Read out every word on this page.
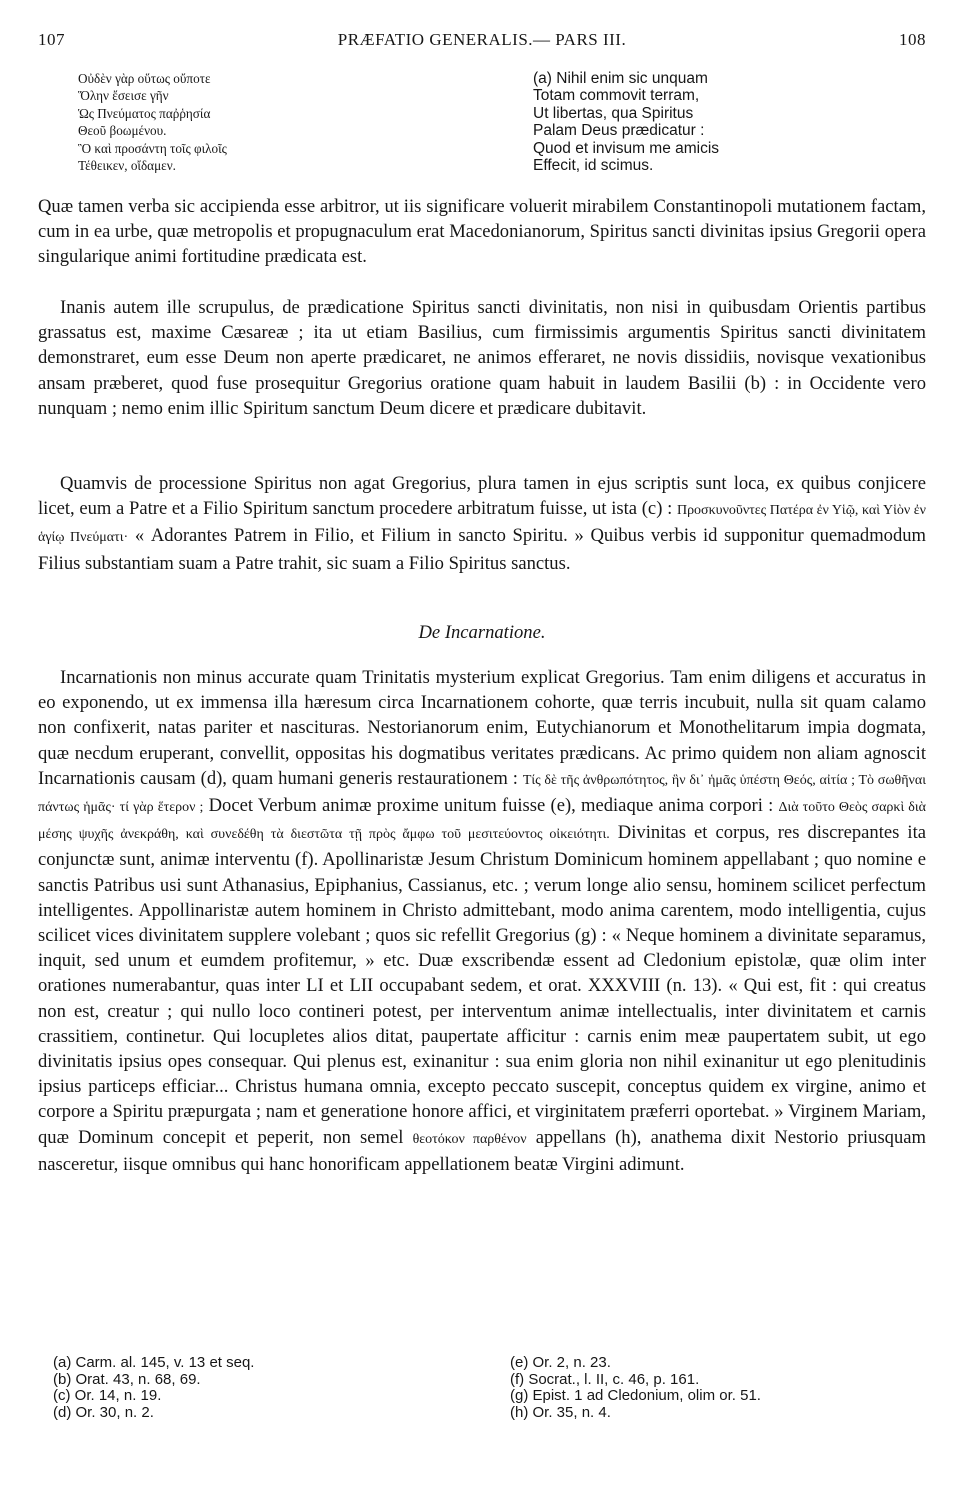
107	PRÆFATIO GENERALIS.— PARS III.	108
Οὐδὲν γὰρ οὕτως οὔποτε
Ὅλην ἔσεισε γῆν
Ὡς Πνεύματος παῤῥησία
Θεοῦ βοωμένου.
Ὃ καὶ προσάντη τοῖς φιλοῖς
Τέθεικεν, οἴδαμεν.
(a) Nihil enim sic unquam
Totam commovit terram,
Ut libertas, qua Spiritus
Palam Deus prædicatur :
Quod et invisum me amicis
Effecit, id scimus.

Quæ tamen verba sic accipienda esse arbitror, ut iis significare voluerit mirabilem Constantinopoli mutationem factam, cum in ea urbe, quæ metropolis et propugnaculum erat Macedonianorum, Spiritus sancti divinitas ipsius Gregorii opera singularique animi fortitudine prædicata est.

Inanis autem ille scrupulus, de prædicatione Spiritus sancti divinitatis, non nisi in quibusdam Orientis partibus grassatus est, maxime Cæsareæ ; ita ut etiam Basilius, cum firmissimis argumentis Spiritus sancti divinitatem demonstraret, eum esse Deum non aperte prædicaret, ne animos efferaret, ne novis dissidiis, novisque vexationibus ansam præberet, quod fuse prosequitur Gregorius oratione quam habuit in laudem Basilii (b) : in Occidente vero nunquam ; nemo enim illic Spiritum sanctum Deum dicere et prædicare dubitavit.

Quamvis de processione Spiritus non agat Gregorius, plura tamen in ejus scriptis sunt loca, ex quibus conjicere licet, eum a Patre et a Filio Spiritum sanctum procedere arbitratum fuisse, ut ista (c) : Προσκυνοῦντες Πατέρα ἐν Υἱῷ, καὶ Υἱὸν ἐν ἁγίῳ Πνεύματι· « Adorantes Patrem in Filio, et Filium in sancto Spiritu. » Quibus verbis id supponitur quemadmodum Filius substantiam suam a Patre trahit, sic suam a Filio Spiritus sanctus.

De Incarnatione.

Incarnationis non minus accurate quam Trinitatis mysterium explicat Gregorius. Tam enim diligens et accuratus in eo exponendo, ut ex immensa illa hæresum circa Incarnationem cohorte, quæ terris incubuit, nulla sit quam calamo non confixerit, natas pariter et nascituras. Nestorianorum enim, Eutychianorum et Monothelitarum impia dogmata, quæ necdum eruperant, convellit, oppositas his dogmatibus veritates prædicans. Ac primo quidem non aliam agnoscit Incarnationis causam (d), quam humani generis restaurationem : Τίς δὲ τῆς ἀνθρωπότητος, ἣν δι᾽ ἡμᾶς ὑπέστη Θεός, αἰτία ; Τὸ σωθῆναι πάντως ἡμᾶς· τί γὰρ ἕτερον ; Docet Verbum animæ proxime unitum fuisse (e), mediaque anima corpori : Διὰ τοῦτο Θεὸς σαρκὶ διὰ μέσης ψυχῆς ἀνεκράθη, καὶ συνεδέθη τὰ διεστῶτα τῇ πρὸς ἄμφω τοῦ μεσιτεύοντος οἰκειότητι. Divinitas et corpus, res discrepantes ita conjunctæ sunt, animæ interventu (f). Apollinaristæ Jesum Christum Dominicum hominem appellabant ; quo nomine e sanctis Patribus usi sunt Athanasius, Epiphanius, Cassianus, etc. ; verum longe alio sensu, hominem scilicet perfectum intelligentes. Appollinaristæ autem hominem in Christo admittebant, modo anima carentem, modo intelligentia, cujus scilicet vices divinitatem supplere volebant ; quos sic refellit Gregorius (g) : « Neque hominem a divinitate separamus, inquit, sed unum et eumdem profitemur, » etc. Duæ exscribendæ essent ad Cledonium epistolæ, quæ olim inter orationes numerabantur, quas inter LI et LII occupabant sedem, et orat. XXXVIII (n. 13). « Qui est, fit : qui creatus non est, creatur ; qui nullo loco contineri potest, per interventum animæ intellectualis, inter divinitatem et carnis crassitiem, continetur. Qui locupletes alios ditat, paupertate afficitur : carnis enim meæ paupertatem subit, ut ego divinitatis ipsius opes consequar. Qui plenus est, exinanitur : sua enim gloria non nihil exinanitur ut ego plenitudinis ipsius particeps efficiar... Christus humana omnia, excepto peccato suscepit, conceptus quidem ex virgine, animo et corpore a Spiritu præpurgata ; nam et generatione honore affici, et virginitatem præferri oportebat. » Virginem Mariam, quæ Dominum concepit et peperit, non semel θεοτόκον παρθένον appellans (h), anathema dixit Nestorio priusquam nasceretur, iisque omnibus qui hanc honorificam appellationem beatæ Virgini adimunt.

(a) Carm. al. 145, v. 13 et seq.
(b) Orat. 43, n. 68, 69.
(c) Or. 14, n. 19.
(d) Or. 30, n. 2.
(e) Or. 2, n. 23.
(f) Socrat., l. II, c. 46, p. 161.
(g) Epist. 1 ad Cledonium, olim or. 51.
(h) Or. 35, n. 4.
